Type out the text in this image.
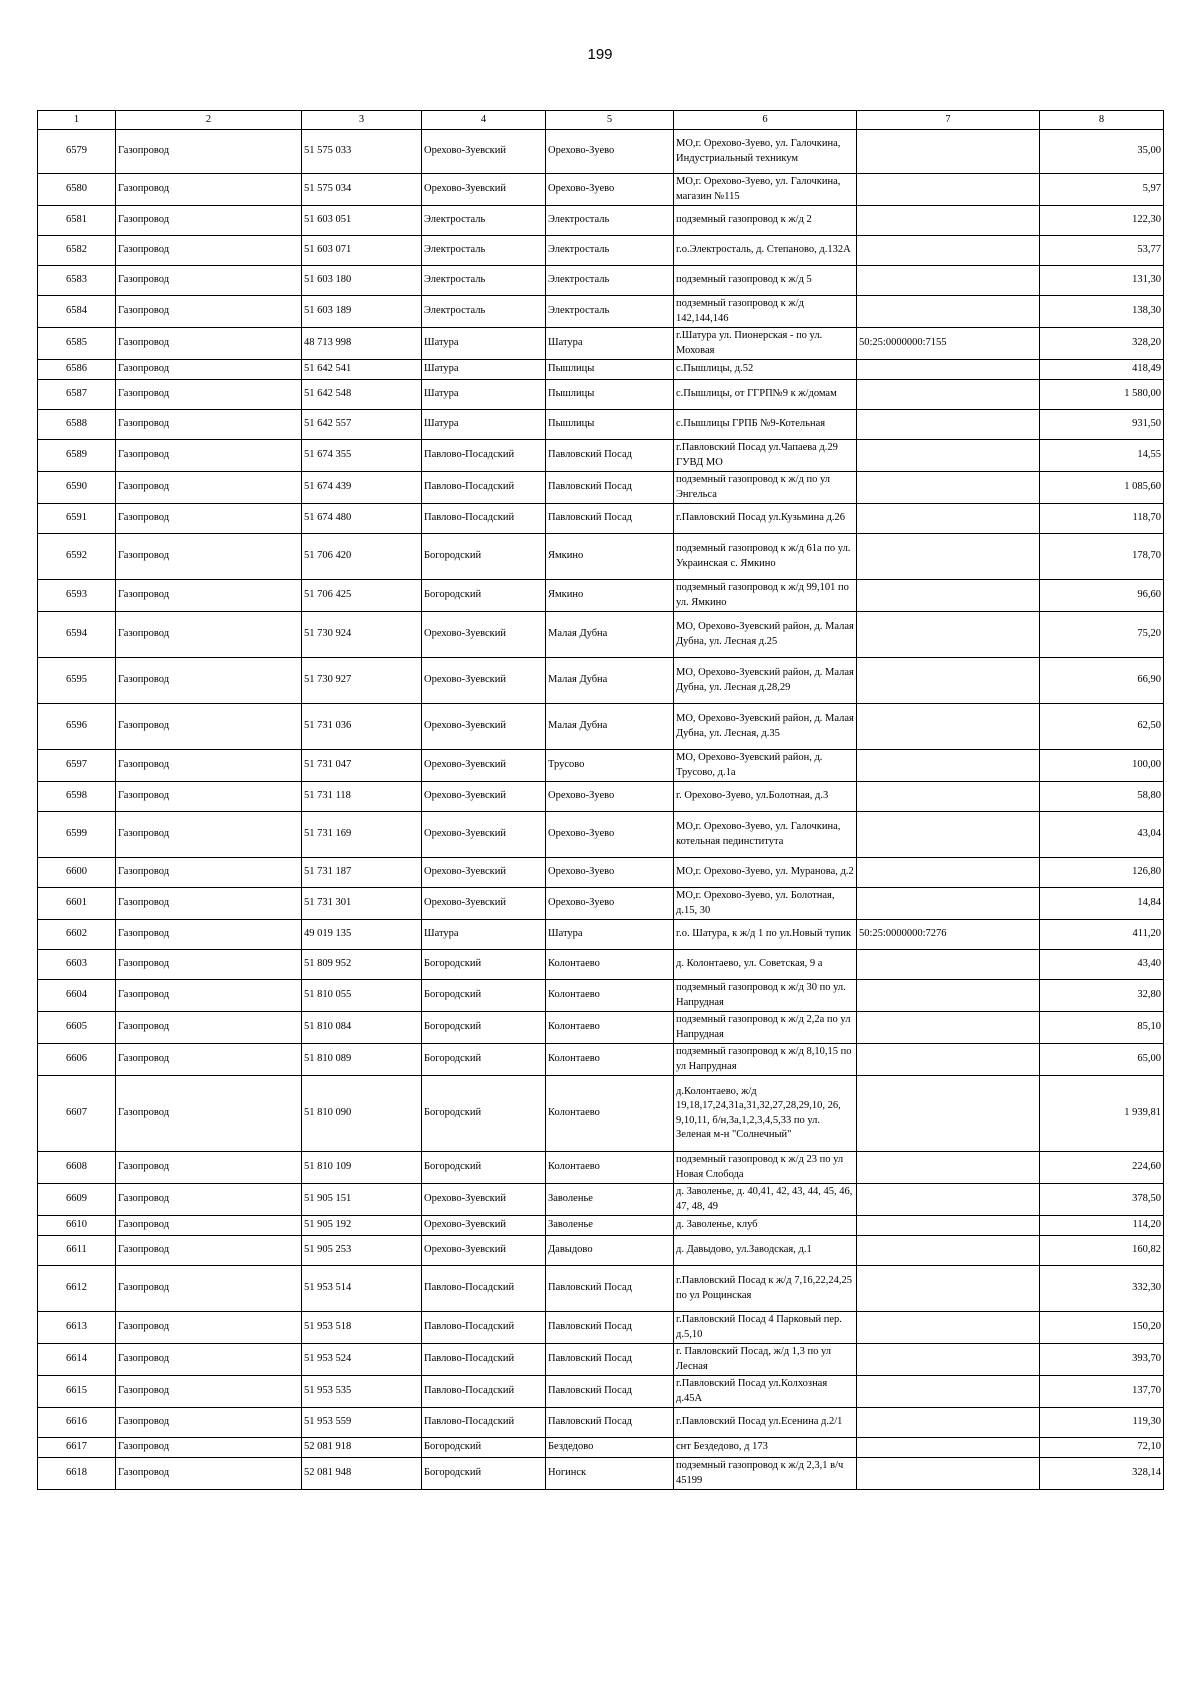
199
1	2	3	4	5	6	7	8
6579	Газопровод	51 575 033	Орехово-Зуевский	Орехово-Зуево	МО,г. Орехово-Зуево, ул. Галочкина, Индустриальный техникум		35,00
6580	Газопровод	51 575 034	Орехово-Зуевский	Орехово-Зуево	МО,г. Орехово-Зуево, ул. Галочкина, магазин №115		5,97
6581	Газопровод	51 603 051	Электросталь	Электросталь	подземный газопровод к ж/д 2		122,30
6582	Газопровод	51 603 071	Электросталь	Электросталь	г.о.Электросталь, д. Степаново, д.132А		53,77
6583	Газопровод	51 603 180	Электросталь	Электросталь	подземный газопровод к ж/д 5		131,30
6584	Газопровод	51 603 189	Электросталь	Электросталь	подземный газопровод к ж/д 142,144,146		138,30
6585	Газопровод	48 713 998	Шатура	Шатура	г.Шатура ул. Пионерская - по ул. Моховая	50:25:0000000:7155	328,20
6586	Газопровод	51 642 541	Шатура	Пышлицы	с.Пышлицы, д.52		418,49
6587	Газопровод	51 642 548	Шатура	Пышлицы	с.Пышлицы, от ГГРП№9 к ж/домам		1 580,00
6588	Газопровод	51 642 557	Шатура	Пышлицы	с.Пышлицы ГРПБ №9-Котельная		931,50
6589	Газопровод	51 674 355	Павлово-Посадский	Павловский Посад	г.Павловский Посад ул.Чапаева д.29 ГУВД МО		14,55
6590	Газопровод	51 674 439	Павлово-Посадский	Павловский Посад	подземный газопровод к ж/д по ул Энгельса		1 085,60
6591	Газопровод	51 674 480	Павлово-Посадский	Павловский Посад	г.Павловский Посад ул.Кузьмина д.26		118,70
6592	Газопровод	51 706 420	Богородский	Ямкино	подземный газопровод к ж/д 61а по ул. Украинская с. Ямкино		178,70
6593	Газопровод	51 706 425	Богородский	Ямкино	подземный газопровод к ж/д 99,101 по ул. Ямкино		96,60
6594	Газопровод	51 730 924	Орехово-Зуевский	Малая Дубна	МО, Орехово-Зуевский район, д. Малая Дубна, ул. Лесная д.25		75,20
6595	Газопровод	51 730 927	Орехово-Зуевский	Малая Дубна	МО, Орехово-Зуевский район, д. Малая Дубна, ул. Лесная д.28,29		66,90
6596	Газопровод	51 731 036	Орехово-Зуевский	Малая Дубна	МО, Орехово-Зуевский район, д. Малая Дубна, ул. Лесная, д.35		62,50
6597	Газопровод	51 731 047	Орехово-Зуевский	Трусово	МО, Орехово-Зуевский район, д. Трусово, д.1а		100,00
6598	Газопровод	51 731 118	Орехово-Зуевский	Орехово-Зуево	г. Орехово-Зуево, ул.Болотная, д.3		58,80
6599	Газопровод	51 731 169	Орехово-Зуевский	Орехово-Зуево	МО,г. Орехово-Зуево, ул. Галочкина, котельная пединститута		43,04
6600	Газопровод	51 731 187	Орехово-Зуевский	Орехово-Зуево	МО,г. Орехово-Зуево, ул. Муранова, д.2		126,80
6601	Газопровод	51 731 301	Орехово-Зуевский	Орехово-Зуево	МО,г. Орехово-Зуево, ул. Болотная, д.15, 30		14,84
6602	Газопровод	49 019 135	Шатура	Шатура	г.о. Шатура, к ж/д 1 по ул.Новый тупик	50:25:0000000:7276	411,20
6603	Газопровод	51 809 952	Богородский	Колонтаево	д. Колонтаево, ул. Советская, 9 а		43,40
6604	Газопровод	51 810 055	Богородский	Колонтаево	подземный газопровод к ж/д 30 по ул. Напрудная		32,80
6605	Газопровод	51 810 084	Богородский	Колонтаево	подземный газопровод к ж/д 2,2а по ул Напрудная		85,10
6606	Газопровод	51 810 089	Богородский	Колонтаево	подземный газопровод к ж/д 8,10,15 по ул Напрудная		65,00
6607	Газопровод	51 810 090	Богородский	Колонтаево	д.Колонтаево, ж/д 19,18,17,24,31а,31,32,27,28,29,10, 26, 9,10,11, б/н,3а,1,2,3,4,5,33 по ул. Зеленая м-н "Солнечный"		1 939,81
6608	Газопровод	51 810 109	Богородский	Колонтаево	подземный газопровод к ж/д 23 по ул Новая Слобода		224,60
6609	Газопровод	51 905 151	Орехово-Зуевский	Заволенье	д. Заволенье, д. 40,41, 42, 43, 44, 45, 46, 47, 48, 49		378,50
6610	Газопровод	51 905 192	Орехово-Зуевский	Заволенье	д. Заволенье, клуб		114,20
6611	Газопровод	51 905 253	Орехово-Зуевский	Давыдово	д. Давыдово, ул.Заводская, д.1		160,82
6612	Газопровод	51 953 514	Павлово-Посадский	Павловский Посад	г.Павловский Посад к ж/д 7,16,22,24,25 по ул Рощинская		332,30
6613	Газопровод	51 953 518	Павлово-Посадский	Павловский Посад	г.Павловский Посад 4 Парковый пер. д.5,10		150,20
6614	Газопровод	51 953 524	Павлово-Посадский	Павловский Посад	г. Павловский Посад, ж/д 1,3 по ул Лесная		393,70
6615	Газопровод	51 953 535	Павлово-Посадский	Павловский Посад	г.Павловский Посад ул.Колхозная д.45А		137,70
6616	Газопровод	51 953 559	Павлово-Посадский	Павловский Посад	г.Павловский Посад ул.Есенина д.2/1		119,30
6617	Газопровод	52 081 918	Богородский	Бездедово	снт Бездедово, д 173		72,10
6618	Газопровод	52 081 948	Богородский	Ногинск	подземный газопровод к ж/д 2,3,1 в/ч 45199		328,14
